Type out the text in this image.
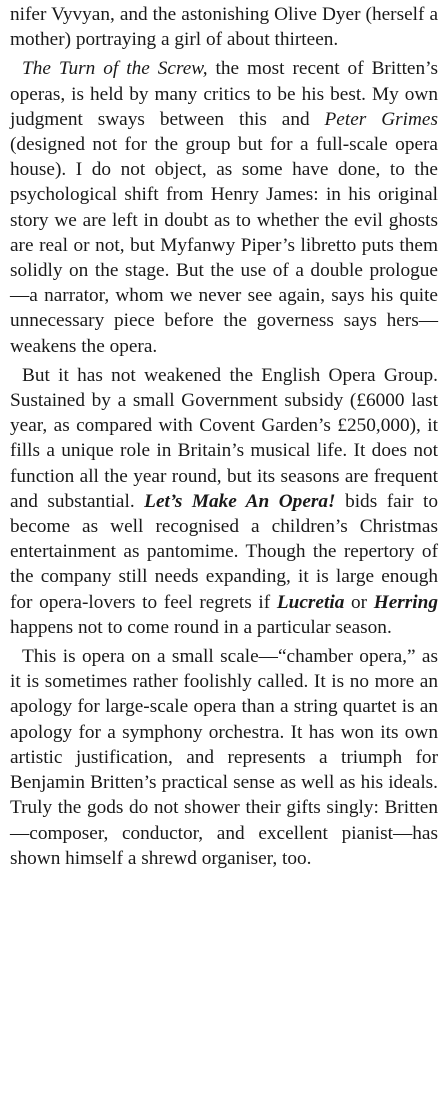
nifer Vyvyan, and the astonishing Olive Dyer (herself a mother) portraying a girl of about thirteen.

The Turn of the Screw, the most recent of Britten’s operas, is held by many critics to be his best. My own judgment sways between this and Peter Grimes (designed not for the group but for a full-scale opera house). I do not object, as some have done, to the psychological shift from Henry James: in his original story we are left in doubt as to whether the evil ghosts are real or not, but Myfanwy Piper’s libretto puts them solidly on the stage. But the use of a double prologue—a narrator, whom we never see again, says his quite unnecessary piece before the governess says hers—weakens the opera.

But it has not weakened the English Opera Group. Sustained by a small Government subsidy (£6000 last year, as compared with Covent Garden’s £250,000), it fills a unique role in Britain’s musical life. It does not function all the year round, but its seasons are frequent and substantial. Let’s Make An Opera! bids fair to become as well recognised a children’s Christmas entertainment as pantomime. Though the repertory of the company still needs expanding, it is large enough for opera-lovers to feel regrets if Lucretia or Herring happens not to come round in a particular season.

This is opera on a small scale—“chamber opera,” as it is sometimes rather foolishly called. It is no more an apology for large-scale opera than a string quartet is an apology for a symphony orchestra. It has won its own artistic justification, and represents a triumph for Benjamin Britten’s practical sense as well as his ideals. Truly the gods do not shower their gifts singly: Britten—composer, conductor, and excellent pianist—has shown himself a shrewd organiser, too.
